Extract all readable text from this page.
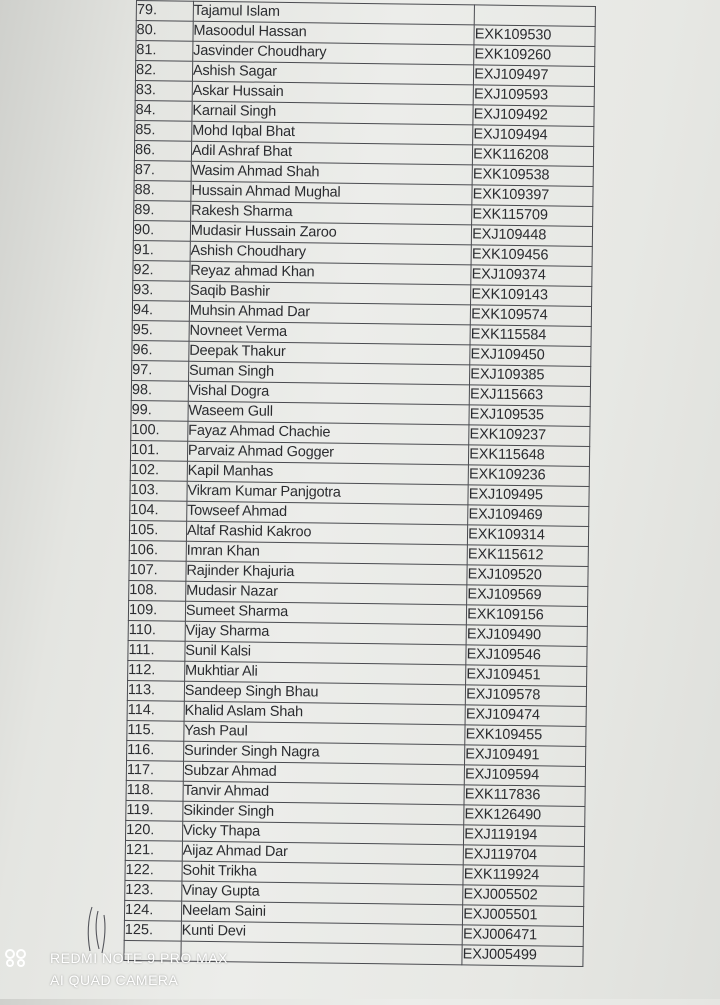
79.	Tajamul Islam	
80.	Masoodul Hassan	EXK109530
81.	Jasvinder Choudhary	EXK109260
82.	Ashish Sagar	EXJ109497
83.	Askar Hussain	EXJ109593
84.	Karnail Singh	EXJ109492
85.	Mohd Iqbal Bhat	EXJ109494
86.	Adil Ashraf Bhat	EXK116208
87.	Wasim Ahmad Shah	EXK109538
88.	Hussain Ahmad Mughal	EXK109397
89.	Rakesh Sharma	EXK115709
90.	Mudasir Hussain Zaroo	EXJ109448
91.	Ashish Choudhary	EXK109456
92.	Reyaz ahmad Khan	EXJ109374
93.	Saqib Bashir	EXK109143
94.	Muhsin Ahmad Dar	EXK109574
95.	Novneet Verma	EXK115584
96.	Deepak Thakur	EXJ109450
97.	Suman Singh	EXJ109385
98.	Vishal Dogra	EXJ115663
99.	Waseem Gull	EXJ109535
100.	Fayaz Ahmad Chachie	EXK109237
101.	Parvaiz Ahmad Gogger	EXK115648
102.	Kapil Manhas	EXK109236
103.	Vikram Kumar Panjgotra	EXJ109495
104.	Towseef Ahmad	EXJ109469
105.	Altaf Rashid Kakroo	EXK109314
106.	Imran Khan	EXK115612
107.	Rajinder Khajuria	EXJ109520
108.	Mudasir Nazar	EXJ109569
109.	Sumeet Sharma	EXK109156
110.	Vijay Sharma	EXJ109490
111.	Sunil Kalsi	EXJ109546
112.	Mukhtiar Ali	EXJ109451
113.	Sandeep Singh Bhau	EXJ109578
114.	Khalid Aslam Shah	EXJ109474
115.	Yash Paul	EXK109455
116.	Surinder Singh Nagra	EXJ109491
117.	Subzar Ahmad	EXJ109594
118.	Tanvir Ahmad	EXK117836
119.	Sikinder Singh	EXK126490
120.	Vicky Thapa	EXJ119194
121.	Aijaz Ahmad Dar	EXJ119704
122.	Sohit Trikha	EXK119924
123.	Vinay Gupta	EXJ005502
124.	Neelam Saini	EXJ005501
125.	Kunti Devi	EXJ006471
		EXJ005499
REDMI NOTE 9 PRO MAX
AI QUAD CAMERA
